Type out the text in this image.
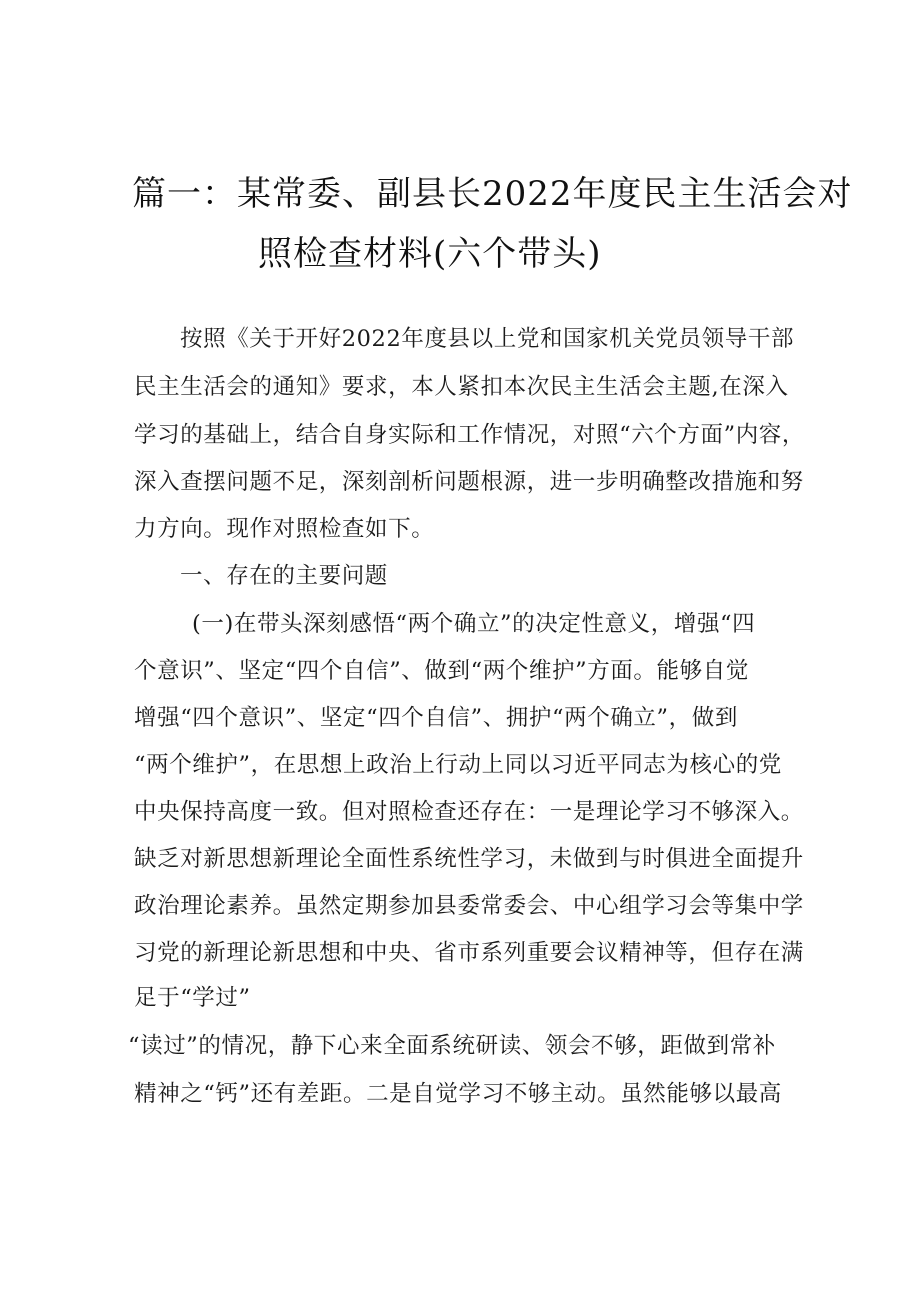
篇一：某常委、副县长2022年度民主生活会对
照检查材料(六个带头)
按照《关于开好2022年度县以上党和国家机关党员领导干部
民主生活会的通知》要求，本人紧扣本次民主生活会主题,在深入
学习的基础上，结合自身实际和工作情况，对照“六个方面”内容，
深入查摆问题不足，深刻剖析问题根源，进一步明确整改措施和努
力方向。现作对照检查如下。
一、存在的主要问题
(一)在带头深刻感悟“两个确立”的决定性意义，增强“四
个意识”、坚定“四个自信”、做到“两个维护”方面。能够自觉
增强“四个意识”、坚定“四个自信”、拥护“两个确立”，做到
“两个维护”，在思想上政治上行动上同以习近平同志为核心的党
中央保持高度一致。但对照检查还存在：一是理论学习不够深入。
缺乏对新思想新理论全面性系统性学习，未做到与时俱进全面提升
政治理论素养。虽然定期参加县委常委会、中心组学习会等集中学
习党的新理论新思想和中央、省市系列重要会议精神等，但存在满
足于“学过”
“读过”的情况，静下心来全面系统研读、领会不够，距做到常补
精神之“钙”还有差距。二是自觉学习不够主动。虽然能够以最高
